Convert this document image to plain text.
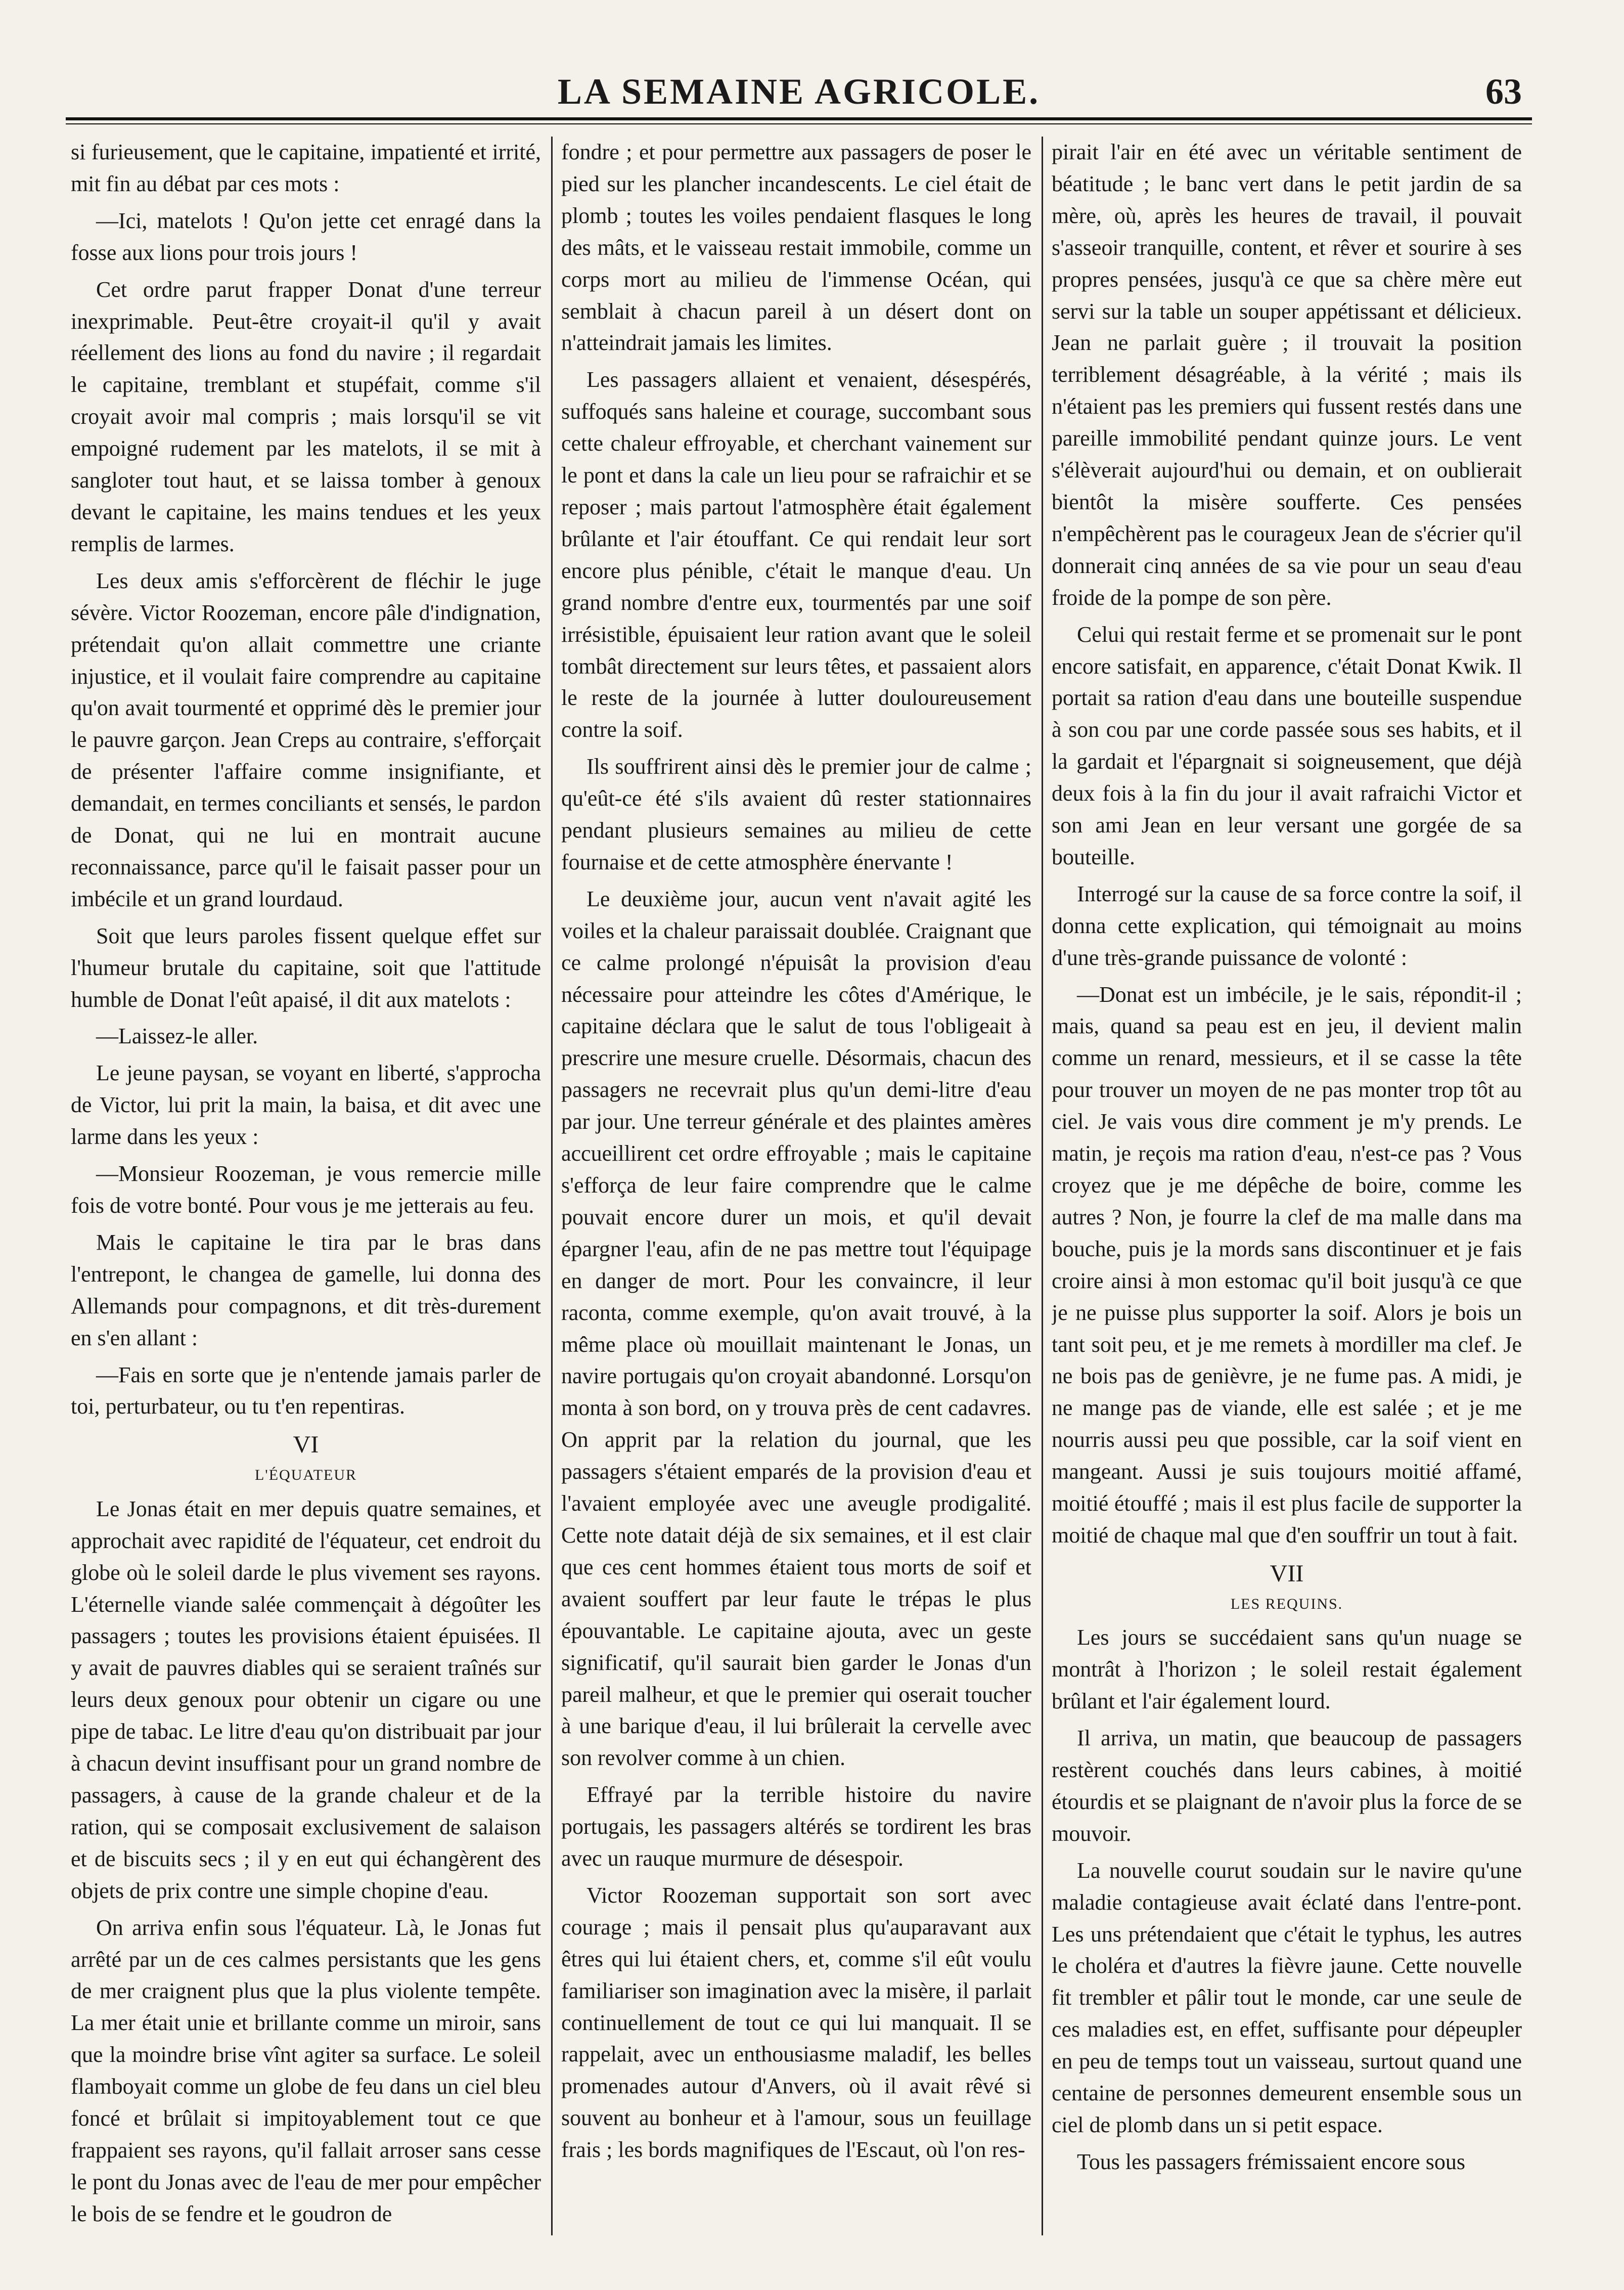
LA SEMAINE AGRICOLE.	63

si furieusement, que le capitaine, impatienté et irrité, mit fin au débat par ces mots :

—Ici, matelots ! Qu'on jette cet enragé dans la fosse aux lions pour trois jours !

Cet ordre parut frapper Donat d'une terreur inexprimable. Peut-être croyait-il qu'il y avait réellement des lions au fond du navire ; il regardait le capitaine, tremblant et stupéfait, comme s'il croyait avoir mal compris ; mais lorsqu'il se vit empoigné rudement par les matelots, il se mit à sangloter tout haut, et se laissa tomber à genoux devant le capitaine, les mains tendues et les yeux remplis de larmes.

Les deux amis s'efforcèrent de fléchir le juge sévère. Victor Roozeman, encore pâle d'indignation, prétendait qu'on allait commettre une criante injustice, et il voulait faire comprendre au capitaine qu'on avait tourmenté et opprimé dès le premier jour le pauvre garçon. Jean Creps au contraire, s'efforçait de présenter l'affaire comme insignifiante, et demandait, en termes conciliants et sensés, le pardon de Donat, qui ne lui en montrait aucune reconnaissance, parce qu'il le faisait passer pour un imbécile et un grand lourdaud.

Soit que leurs paroles fissent quelque effet sur l'humeur brutale du capitaine, soit que l'attitude humble de Donat l'eût apaisé, il dit aux matelots :

—Laissez-le aller.

Le jeune paysan, se voyant en liberté, s'approcha de Victor, lui prit la main, la baisa, et dit avec une larme dans les yeux :

—Monsieur Roozeman, je vous remercie mille fois de votre bonté. Pour vous je me jetterais au feu.

Mais le capitaine le tira par le bras dans l'entrepont, le changea de gamelle, lui donna des Allemands pour compagnons, et dit très-durement en s'en allant :

—Fais en sorte que je n'entende jamais parler de toi, perturbateur, ou tu t'en repentiras.

VI
L'ÉQUATEUR

Le Jonas était en mer depuis quatre semaines, et approchait avec rapidité de l'équateur, cet endroit du globe où le soleil darde le plus vivement ses rayons. L'éternelle viande salée commençait à dégoûter les passagers ; toutes les provisions étaient épuisées. Il y avait de pauvres diables qui se seraient traînés sur leurs deux genoux pour obtenir un cigare ou une pipe de tabac. Le litre d'eau qu'on distribuait par jour à chacun devint insuffisant pour un grand nombre de passagers, à cause de la grande chaleur et de la ration, qui se composait exclusivement de salaison et de biscuits secs ; il y en eut qui échangèrent des objets de prix contre une simple chopine d'eau.

On arriva enfin sous l'équateur. Là, le Jonas fut arrêté par un de ces calmes persistants que les gens de mer craignent plus que la plus violente tempête. La mer était unie et brillante comme un miroir, sans que la moindre brise vînt agiter sa surface. Le soleil flamboyait comme un globe de feu dans un ciel bleu foncé et brûlait si impitoyablement tout ce que frappaient ses rayons, qu'il fallait arroser sans cesse le pont du Jonas avec de l'eau de mer pour empêcher le bois de se fendre et le goudron de

fondre ; et pour permettre aux passagers de poser le pied sur les plancher incandescents. Le ciel était de plomb ; toutes les voiles pendaient flasques le long des mâts, et le vaisseau restait immobile, comme un corps mort au milieu de l'immense Océan, qui semblait à chacun pareil à un désert dont on n'atteindrait jamais les limites.

Les passagers allaient et venaient, désespérés, suffoqués sans haleine et courage, succombant sous cette chaleur effroyable, et cherchant vainement sur le pont et dans la cale un lieu pour se rafraichir et se reposer ; mais partout l'atmosphère était également brûlante et l'air étouffant. Ce qui rendait leur sort encore plus pénible, c'était le manque d'eau. Un grand nombre d'entre eux, tourmentés par une soif irrésistible, épuisaient leur ration avant que le soleil tombât directement sur leurs têtes, et passaient alors le reste de la journée à lutter douloureusement contre la soif.

Ils souffrirent ainsi dès le premier jour de calme ; qu'eût-ce été s'ils avaient dû rester stationnaires pendant plusieurs semaines au milieu de cette fournaise et de cette atmosphère énervante !

Le deuxième jour, aucun vent n'avait agité les voiles et la chaleur paraissait doublée. Craignant que ce calme prolongé n'épuisât la provision d'eau nécessaire pour atteindre les côtes d'Amérique, le capitaine déclara que le salut de tous l'obligeait à prescrire une mesure cruelle. Désormais, chacun des passagers ne recevrait plus qu'un demi-litre d'eau par jour. Une terreur générale et des plaintes amères accueillirent cet ordre effroyable ; mais le capitaine s'efforça de leur faire comprendre que le calme pouvait encore durer un mois, et qu'il devait épargner l'eau, afin de ne pas mettre tout l'équipage en danger de mort. Pour les convaincre, il leur raconta, comme exemple, qu'on avait trouvé, à la même place où mouillait maintenant le Jonas, un navire portugais qu'on croyait abandonné. Lorsqu'on monta à son bord, on y trouva près de cent cadavres. On apprit par la relation du journal, que les passagers s'étaient emparés de la provision d'eau et l'avaient employée avec une aveugle prodigalité. Cette note datait déjà de six semaines, et il est clair que ces cent hommes étaient tous morts de soif et avaient souffert par leur faute le trépas le plus épouvantable. Le capitaine ajouta, avec un geste significatif, qu'il saurait bien garder le Jonas d'un pareil malheur, et que le premier qui oserait toucher à une barique d'eau, il lui brûlerait la cervelle avec son revolver comme à un chien.

Effrayé par la terrible histoire du navire portugais, les passagers altérés se tordirent les bras avec un rauque murmure de désespoir.

Victor Roozeman supportait son sort avec courage ; mais il pensait plus qu'auparavant aux êtres qui lui étaient chers, et, comme s'il eût voulu familiariser son imagination avec la misère, il parlait continuellement de tout ce qui lui manquait. Il se rappelait, avec un enthousiasme maladif, les belles promenades autour d'Anvers, où il avait rêvé si souvent au bonheur et à l'amour, sous un feuillage frais ; les bords magnifiques de l'Escaut, où l'on res-

pirait l'air en été avec un véritable sentiment de béatitude ; le banc vert dans le petit jardin de sa mère, où, après les heures de travail, il pouvait s'asseoir tranquille, content, et rêver et sourire à ses propres pensées, jusqu'à ce que sa chère mère eut servi sur la table un souper appétissant et délicieux. Jean ne parlait guère ; il trouvait la position terriblement désagréable, à la vérité ; mais ils n'étaient pas les premiers qui fussent restés dans une pareille immobilité pendant quinze jours. Le vent s'élèverait aujourd'hui ou demain, et on oublierait bientôt la misère soufferte. Ces pensées n'empêchèrent pas le courageux Jean de s'écrier qu'il donnerait cinq années de sa vie pour un seau d'eau froide de la pompe de son père.

Celui qui restait ferme et se promenait sur le pont encore satisfait, en apparence, c'était Donat Kwik. Il portait sa ration d'eau dans une bouteille suspendue à son cou par une corde passée sous ses habits, et il la gardait et l'épargnait si soigneusement, que déjà deux fois à la fin du jour il avait rafraichi Victor et son ami Jean en leur versant une gorgée de sa bouteille.

Interrogé sur la cause de sa force contre la soif, il donna cette explication, qui témoignait au moins d'une très-grande puissance de volonté :

—Donat est un imbécile, je le sais, répondit-il ; mais, quand sa peau est en jeu, il devient malin comme un renard, messieurs, et il se casse la tête pour trouver un moyen de ne pas monter trop tôt au ciel. Je vais vous dire comment je m'y prends. Le matin, je reçois ma ration d'eau, n'est-ce pas ? Vous croyez que je me dépêche de boire, comme les autres ? Non, je fourre la clef de ma malle dans ma bouche, puis je la mords sans discontinuer et je fais croire ainsi à mon estomac qu'il boit jusqu'à ce que je ne puisse plus supporter la soif. Alors je bois un tant soit peu, et je me remets à mordiller ma clef. Je ne bois pas de genièvre, je ne fume pas. A midi, je ne mange pas de viande, elle est salée ; et je me nourris aussi peu que possible, car la soif vient en mangeant. Aussi je suis toujours moitié affamé, moitié étouffé ; mais il est plus facile de supporter la moitié de chaque mal que d'en souffrir un tout à fait.

VII
LES REQUINS.

Les jours se succédaient sans qu'un nuage se montrât à l'horizon ; le soleil restait également brûlant et l'air également lourd.

Il arriva, un matin, que beaucoup de passagers restèrent couchés dans leurs cabines, à moitié étourdis et se plaignant de n'avoir plus la force de se mouvoir.

La nouvelle courut soudain sur le navire qu'une maladie contagieuse avait éclaté dans l'entre-pont. Les uns prétendaient que c'était le typhus, les autres le choléra et d'autres la fièvre jaune. Cette nouvelle fit trembler et pâlir tout le monde, car une seule de ces maladies est, en effet, suffisante pour dépeupler en peu de temps tout un vaisseau, surtout quand une centaine de personnes demeurent ensemble sous un ciel de plomb dans un si petit espace.

Tous les passagers frémissaient encore sous
